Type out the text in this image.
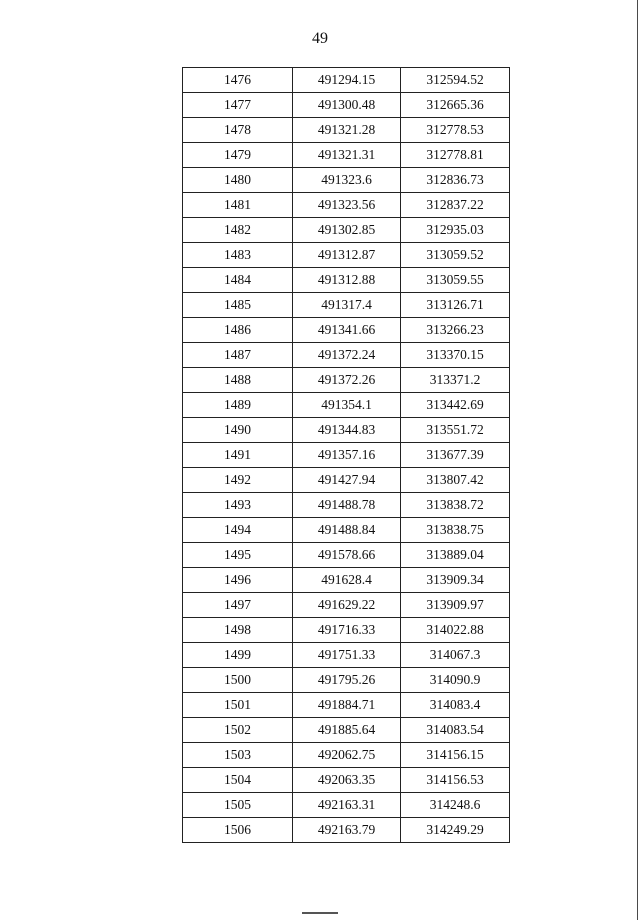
49
1476	491294.15	312594.52
1477	491300.48	312665.36
1478	491321.28	312778.53
1479	491321.31	312778.81
1480	491323.6	312836.73
1481	491323.56	312837.22
1482	491302.85	312935.03
1483	491312.87	313059.52
1484	491312.88	313059.55
1485	491317.4	313126.71
1486	491341.66	313266.23
1487	491372.24	313370.15
1488	491372.26	313371.2
1489	491354.1	313442.69
1490	491344.83	313551.72
1491	491357.16	313677.39
1492	491427.94	313807.42
1493	491488.78	313838.72
1494	491488.84	313838.75
1495	491578.66	313889.04
1496	491628.4	313909.34
1497	491629.22	313909.97
1498	491716.33	314022.88
1499	491751.33	314067.3
1500	491795.26	314090.9
1501	491884.71	314083.4
1502	491885.64	314083.54
1503	492062.75	314156.15
1504	492063.35	314156.53
1505	492163.31	314248.6
1506	492163.79	314249.29
